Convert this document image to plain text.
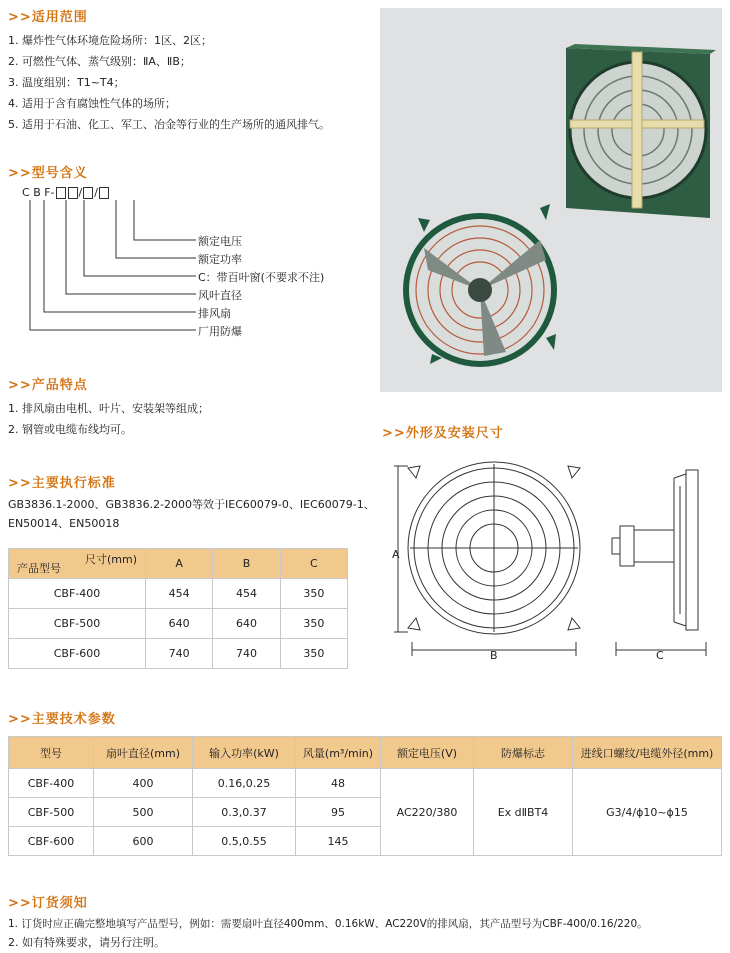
>>适用范围
1. 爆炸性气体环境危险场所：1区、2区；
2. 可燃性气体、蒸气级别：ⅡA、ⅡB；
3. 温度组别：T1~T4；
4. 适用于含有腐蚀性气体的场所；
5. 适用于石油、化工、军工、冶金等行业的生产场所的通风排气。
>>型号含义
C B F- / /
额定电压
额定功率
C：带百叶窗(不要求不注)
风叶直径
排风扇
厂用防爆
>>产品特点
1. 排风扇由电机、叶片、安装架等组成；
2. 钢管或电缆布线均可。	>>外形及安装尺寸
A
B	C
>>主要执行标准
GB3836.1-2000、GB3836.2-2000等效于IEC60079-0、IEC60079-1、
EN50014、EN50018
尺寸(mm)
产品型号	A	B	C
CBF-400	454	454	350
CBF-500	640	640	350
CBF-600	740	740	350
>>主要技术参数
型号	扇叶直径(mm)	输入功率(kW)	风量(m³/min)	额定电压(V)	防爆标志	进线口螺纹/电缆外径(mm)
CBF-400	400	0.16,0.25	48	AC220/380	Ex dⅡBT4	G3/4/ϕ10~ϕ15
CBF-500	500	0.3,0.37	95			
CBF-600	600	0.5,0.55	145			
>>订货须知
1. 订货时应正确完整地填写产品型号，例如：需要扇叶直径400mm、0.16kW、AC220V的排风扇，其产品型号为CBF-400/0.16/220。
2. 如有特殊要求，请另行注明。
